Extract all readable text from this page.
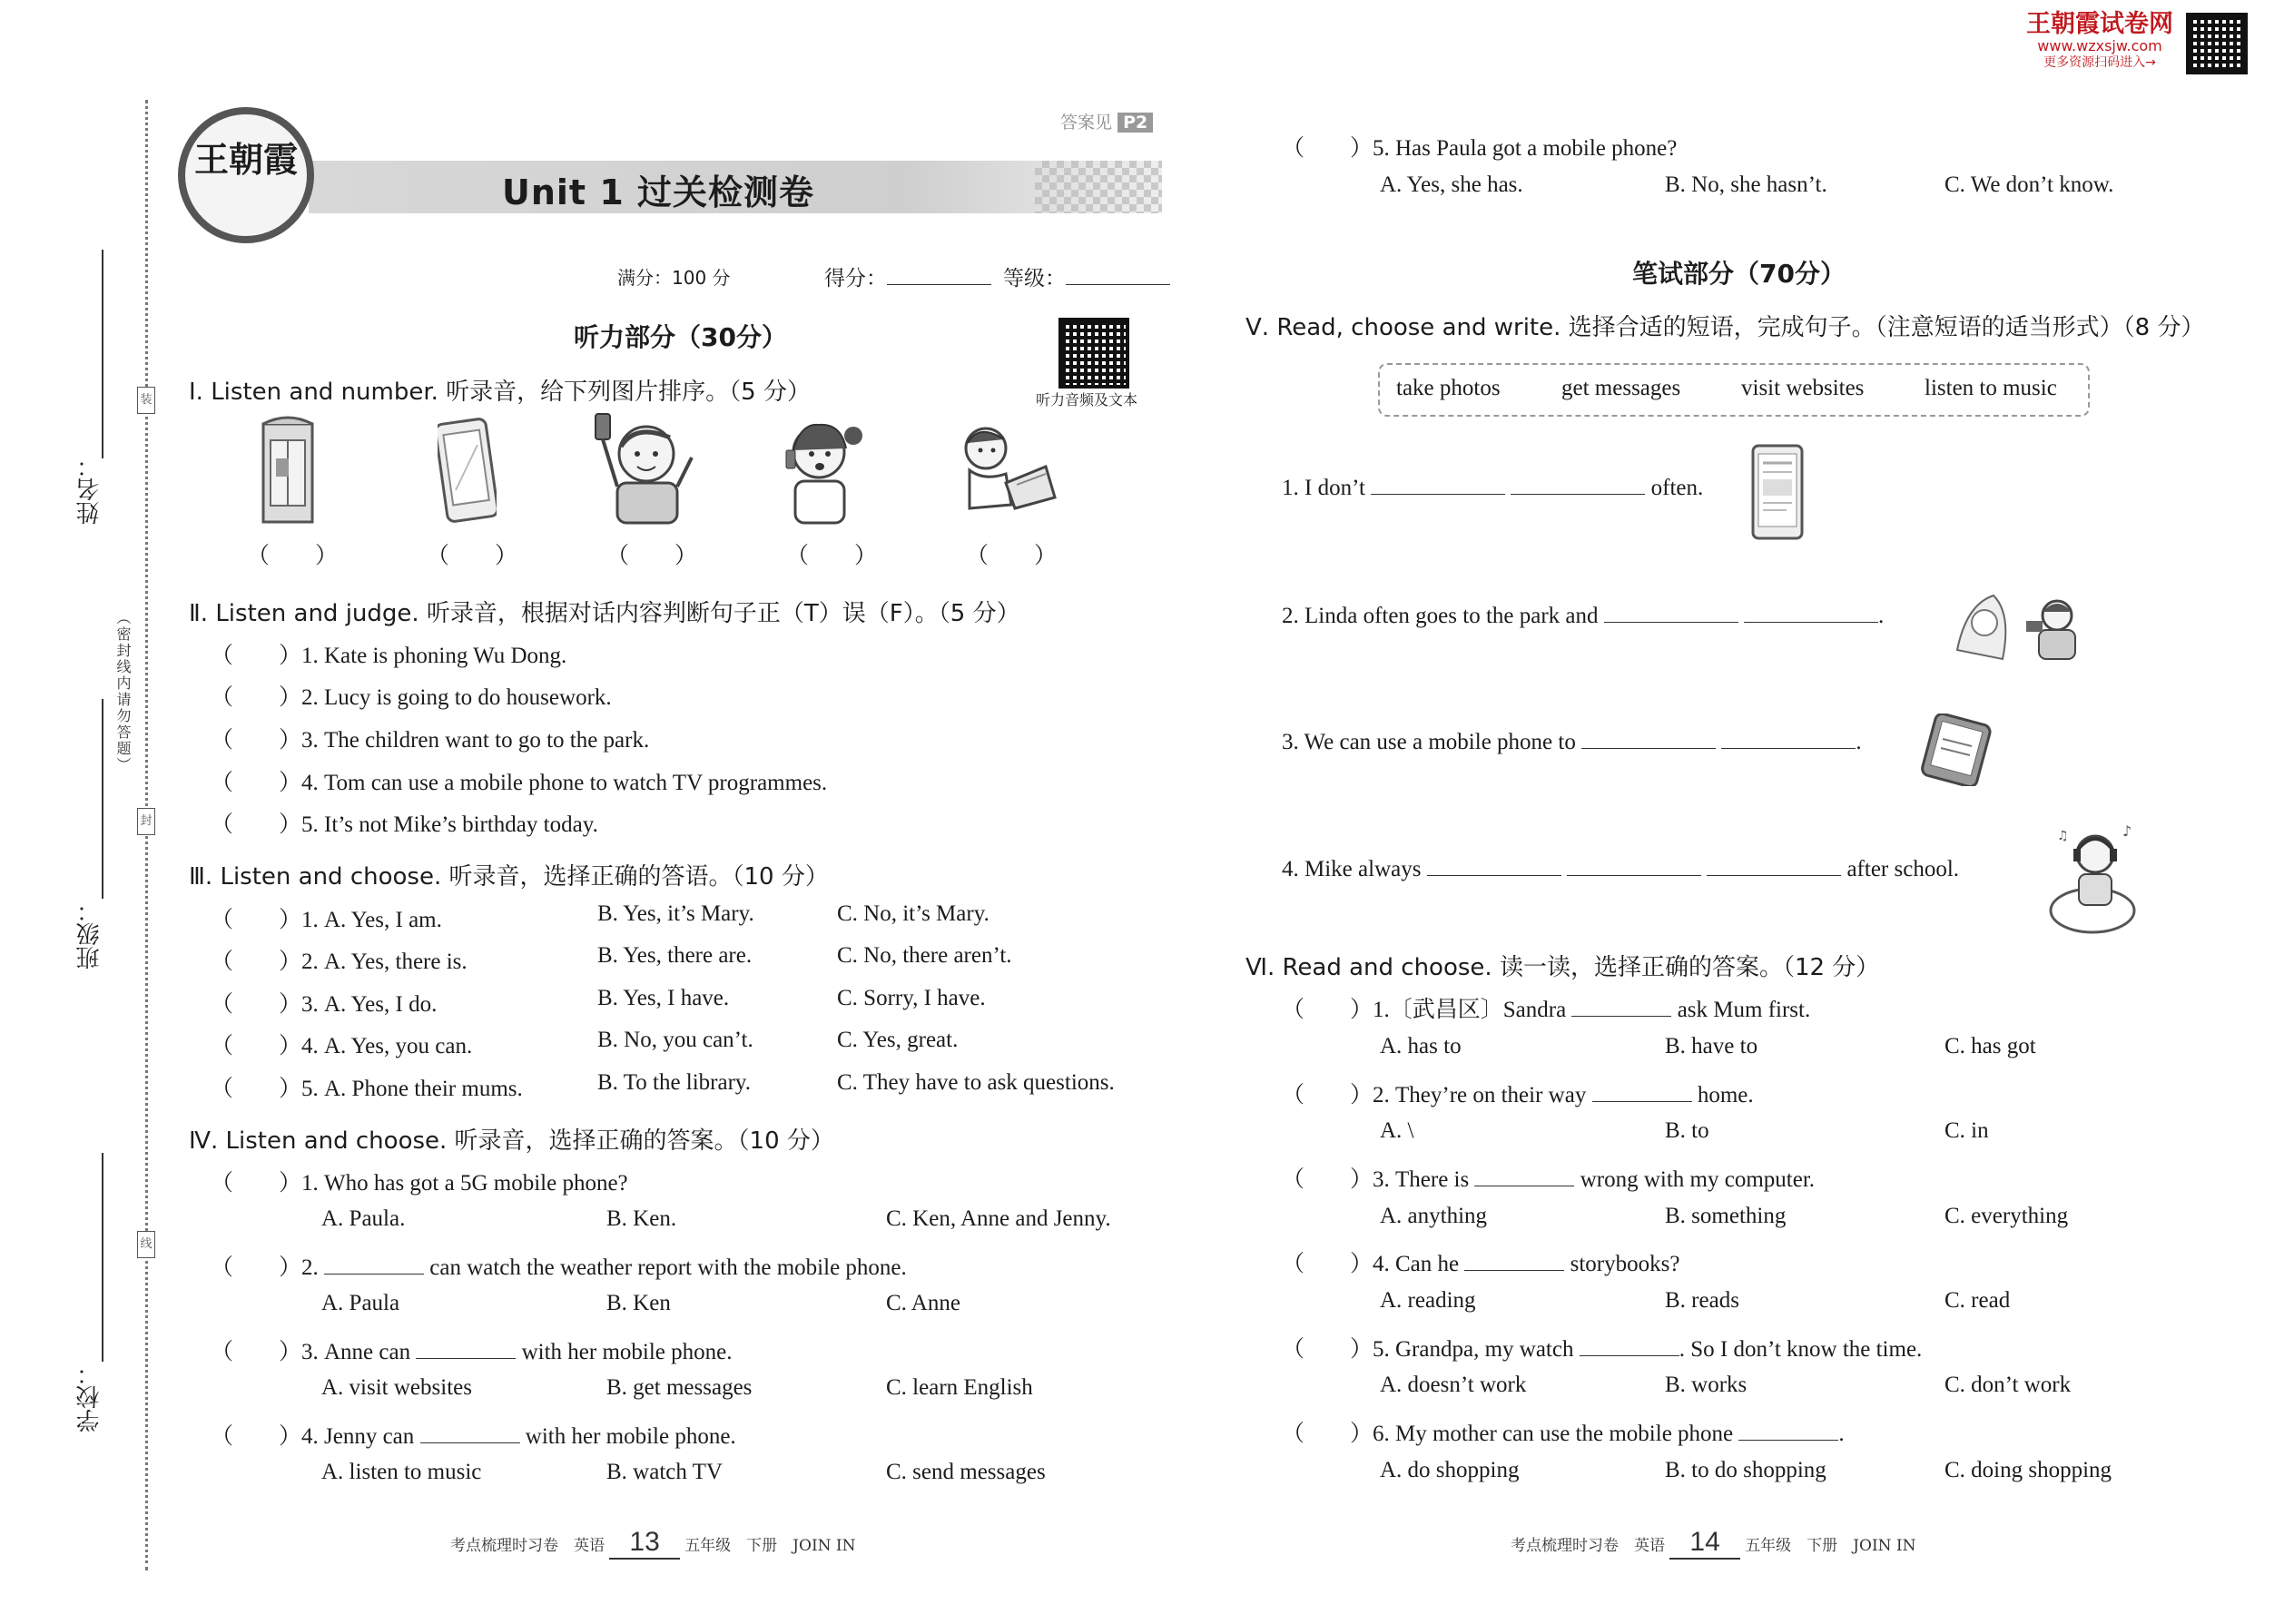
装
封
线
（密封线内请勿答题）
姓名：
班级：
学校：
王朝霞
Unit 1 过关检测卷
答案见 P2
满分：100 分	得分：	等级：
王朝霞试卷网
www.wzxsjw.com
更多资源扫码进入→
听力部分（30分）
听力音频及文本
Ⅰ. Listen and number. 听录音，给下列图片排序。（5 分）
（　　）	（　　）	（　　）	（　　）	（　　）
Ⅱ. Listen and judge. 听录音，根据对话内容判断句子正（T）误（F）。（5 分）
（　　）1. Kate is phoning Wu Dong.
（　　）2. Lucy is going to do housework.
（　　）3. The children want to go to the park.
（　　）4. Tom can use a mobile phone to watch TV programmes.
（　　）5. It’s not Mike’s birthday today.
Ⅲ. Listen and choose. 听录音，选择正确的答语。（10 分）
（　　）1. A. Yes, I am.	B. Yes, it’s Mary.	C. No, it’s Mary.
（　　）2. A. Yes, there is.	B. Yes, there are.	C. No, there aren’t.
（　　）3. A. Yes, I do.	B. Yes, I have.	C. Sorry, I have.
（　　）4. A. Yes, you can.	B. No, you can’t.	C. Yes, great.
（　　）5. A. Phone their mums.	B. To the library.	C. They have to ask questions.
Ⅳ. Listen and choose. 听录音，选择正确的答案。（10 分）
（　　）1. Who has got a 5G mobile phone?
A. Paula.	B. Ken.	C. Ken, Anne and Jenny.
（　　）2.	can watch the weather report with the mobile phone.
A. Paula	B. Ken	C. Anne
（　　）3. Anne can	with her mobile phone.
A. visit websites	B. get messages	C. learn English
（　　）4. Jenny can	with her mobile phone.
A. listen to music	B. watch TV	C. send messages
考点梳理时习卷　英语 13 五年级　下册　JOIN IN
（　　）5. Has Paula got a mobile phone?
A. Yes, she has.	B. No, she hasn’t.	C. We don’t know.
笔试部分（70分）
Ⅴ. Read, choose and write. 选择合适的短语，完成句子。（注意短语的适当形式）（8 分）
take photos	get messages	visit websites	listen to music
1. I don’t	often.
2. Linda often goes to the park and	.
3. We can use a mobile phone to	.
4. Mike always	after school.
♪
♫
Ⅵ. Read and choose. 读一读，选择正确的答案。（12 分）
（　　）1.〔武昌区〕Sandra	ask Mum first.
A. has to	B. have to	C. has got
（　　）2. They’re on their way	home.
A. \	B. to	C. in
（　　）3. There is	wrong with my computer.
A. anything	B. something	C. everything
（　　）4. Can he	storybooks?
A. reading	B. reads	C. read
（　　）5. Grandpa, my watch	. So I don’t know the time.
A. doesn’t work	B. works	C. don’t work
（　　）6. My mother can use the mobile phone	.
A. do shopping	B. to do shopping	C. doing shopping
考点梳理时习卷　英语 14 五年级　下册　JOIN IN
